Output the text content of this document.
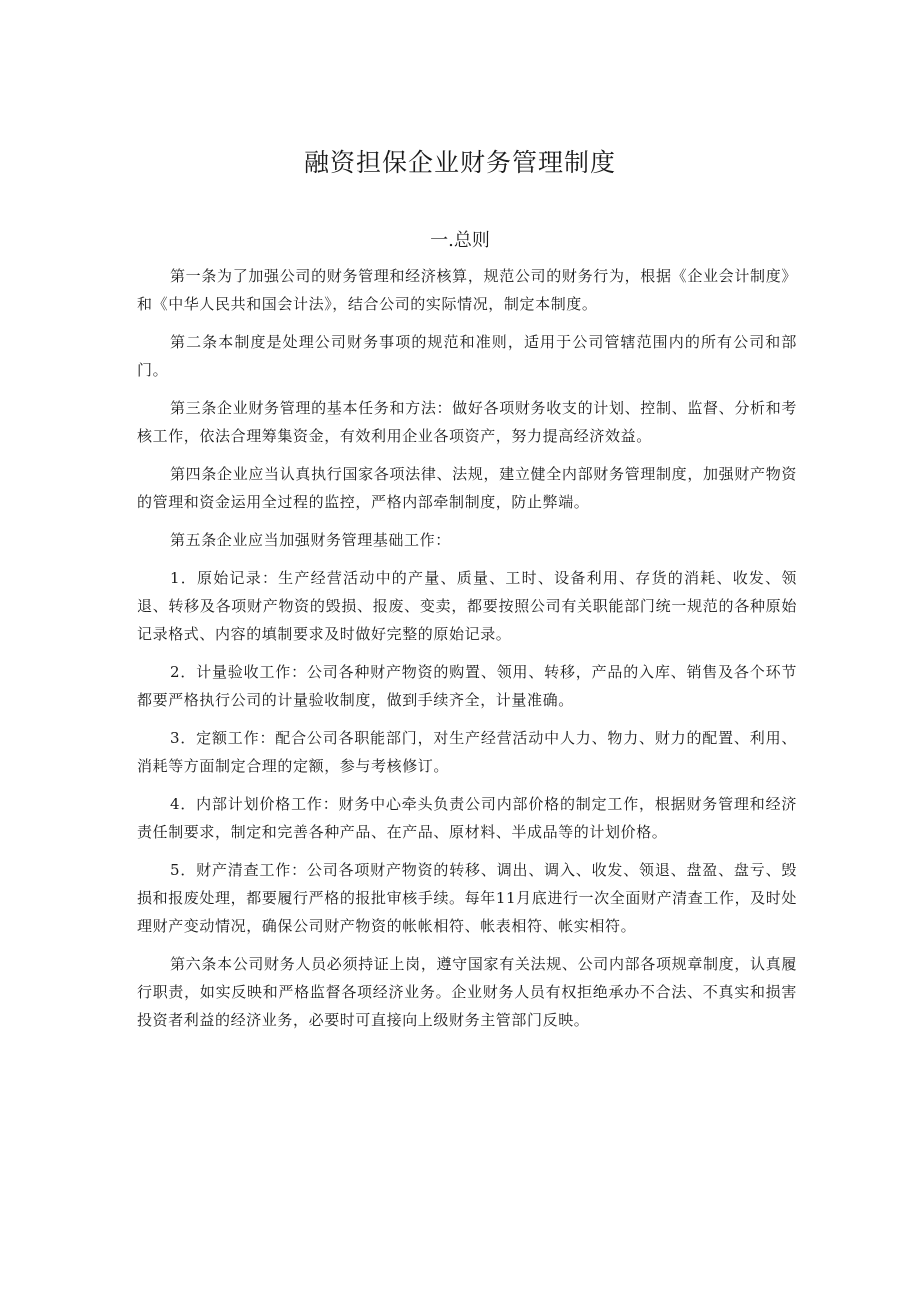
融资担保企业财务管理制度
一.总则

第一条为了加强公司的财务管理和经济核算，规范公司的财务行为，根据《企业会计制度》和《中华人民共和国会计法》，结合公司的实际情况，制定本制度。

第二条本制度是处理公司财务事项的规范和准则，适用于公司管辖范围内的所有公司和部门。

第三条企业财务管理的基本任务和方法：做好各项财务收支的计划、控制、监督、分析和考核工作，依法合理筹集资金，有效利用企业各项资产，努力提高经济效益。

第四条企业应当认真执行国家各项法律、法规，建立健全内部财务管理制度，加强财产物资的管理和资金运用全过程的监控，严格内部牵制制度，防止弊端。

第五条企业应当加强财务管理基础工作：

1．原始记录：生产经营活动中的产量、质量、工时、设备利用、存货的消耗、收发、领退、转移及各项财产物资的毁损、报废、变卖，都要按照公司有关职能部门统一规范的各种原始记录格式、内容的填制要求及时做好完整的原始记录。

2．计量验收工作：公司各种财产物资的购置、领用、转移，产品的入库、销售及各个环节都要严格执行公司的计量验收制度，做到手续齐全，计量准确。

3．定额工作：配合公司各职能部门，对生产经营活动中人力、物力、财力的配置、利用、消耗等方面制定合理的定额，参与考核修订。

4．内部计划价格工作：财务中心牵头负责公司内部价格的制定工作，根据财务管理和经济责任制要求，制定和完善各种产品、在产品、原材料、半成品等的计划价格。

5．财产清查工作：公司各项财产物资的转移、调出、调入、收发、领退、盘盈、盘亏、毁损和报废处理，都要履行严格的报批审核手续。每年11月底进行一次全面财产清查工作，及时处理财产变动情况，确保公司财产物资的帐帐相符、帐表相符、帐实相符。

第六条本公司财务人员必须持证上岗，遵守国家有关法规、公司内部各项规章制度，认真履行职责，如实反映和严格监督各项经济业务。企业财务人员有权拒绝承办不合法、不真实和损害投资者利益的经济业务，必要时可直接向上级财务主管部门反映。
